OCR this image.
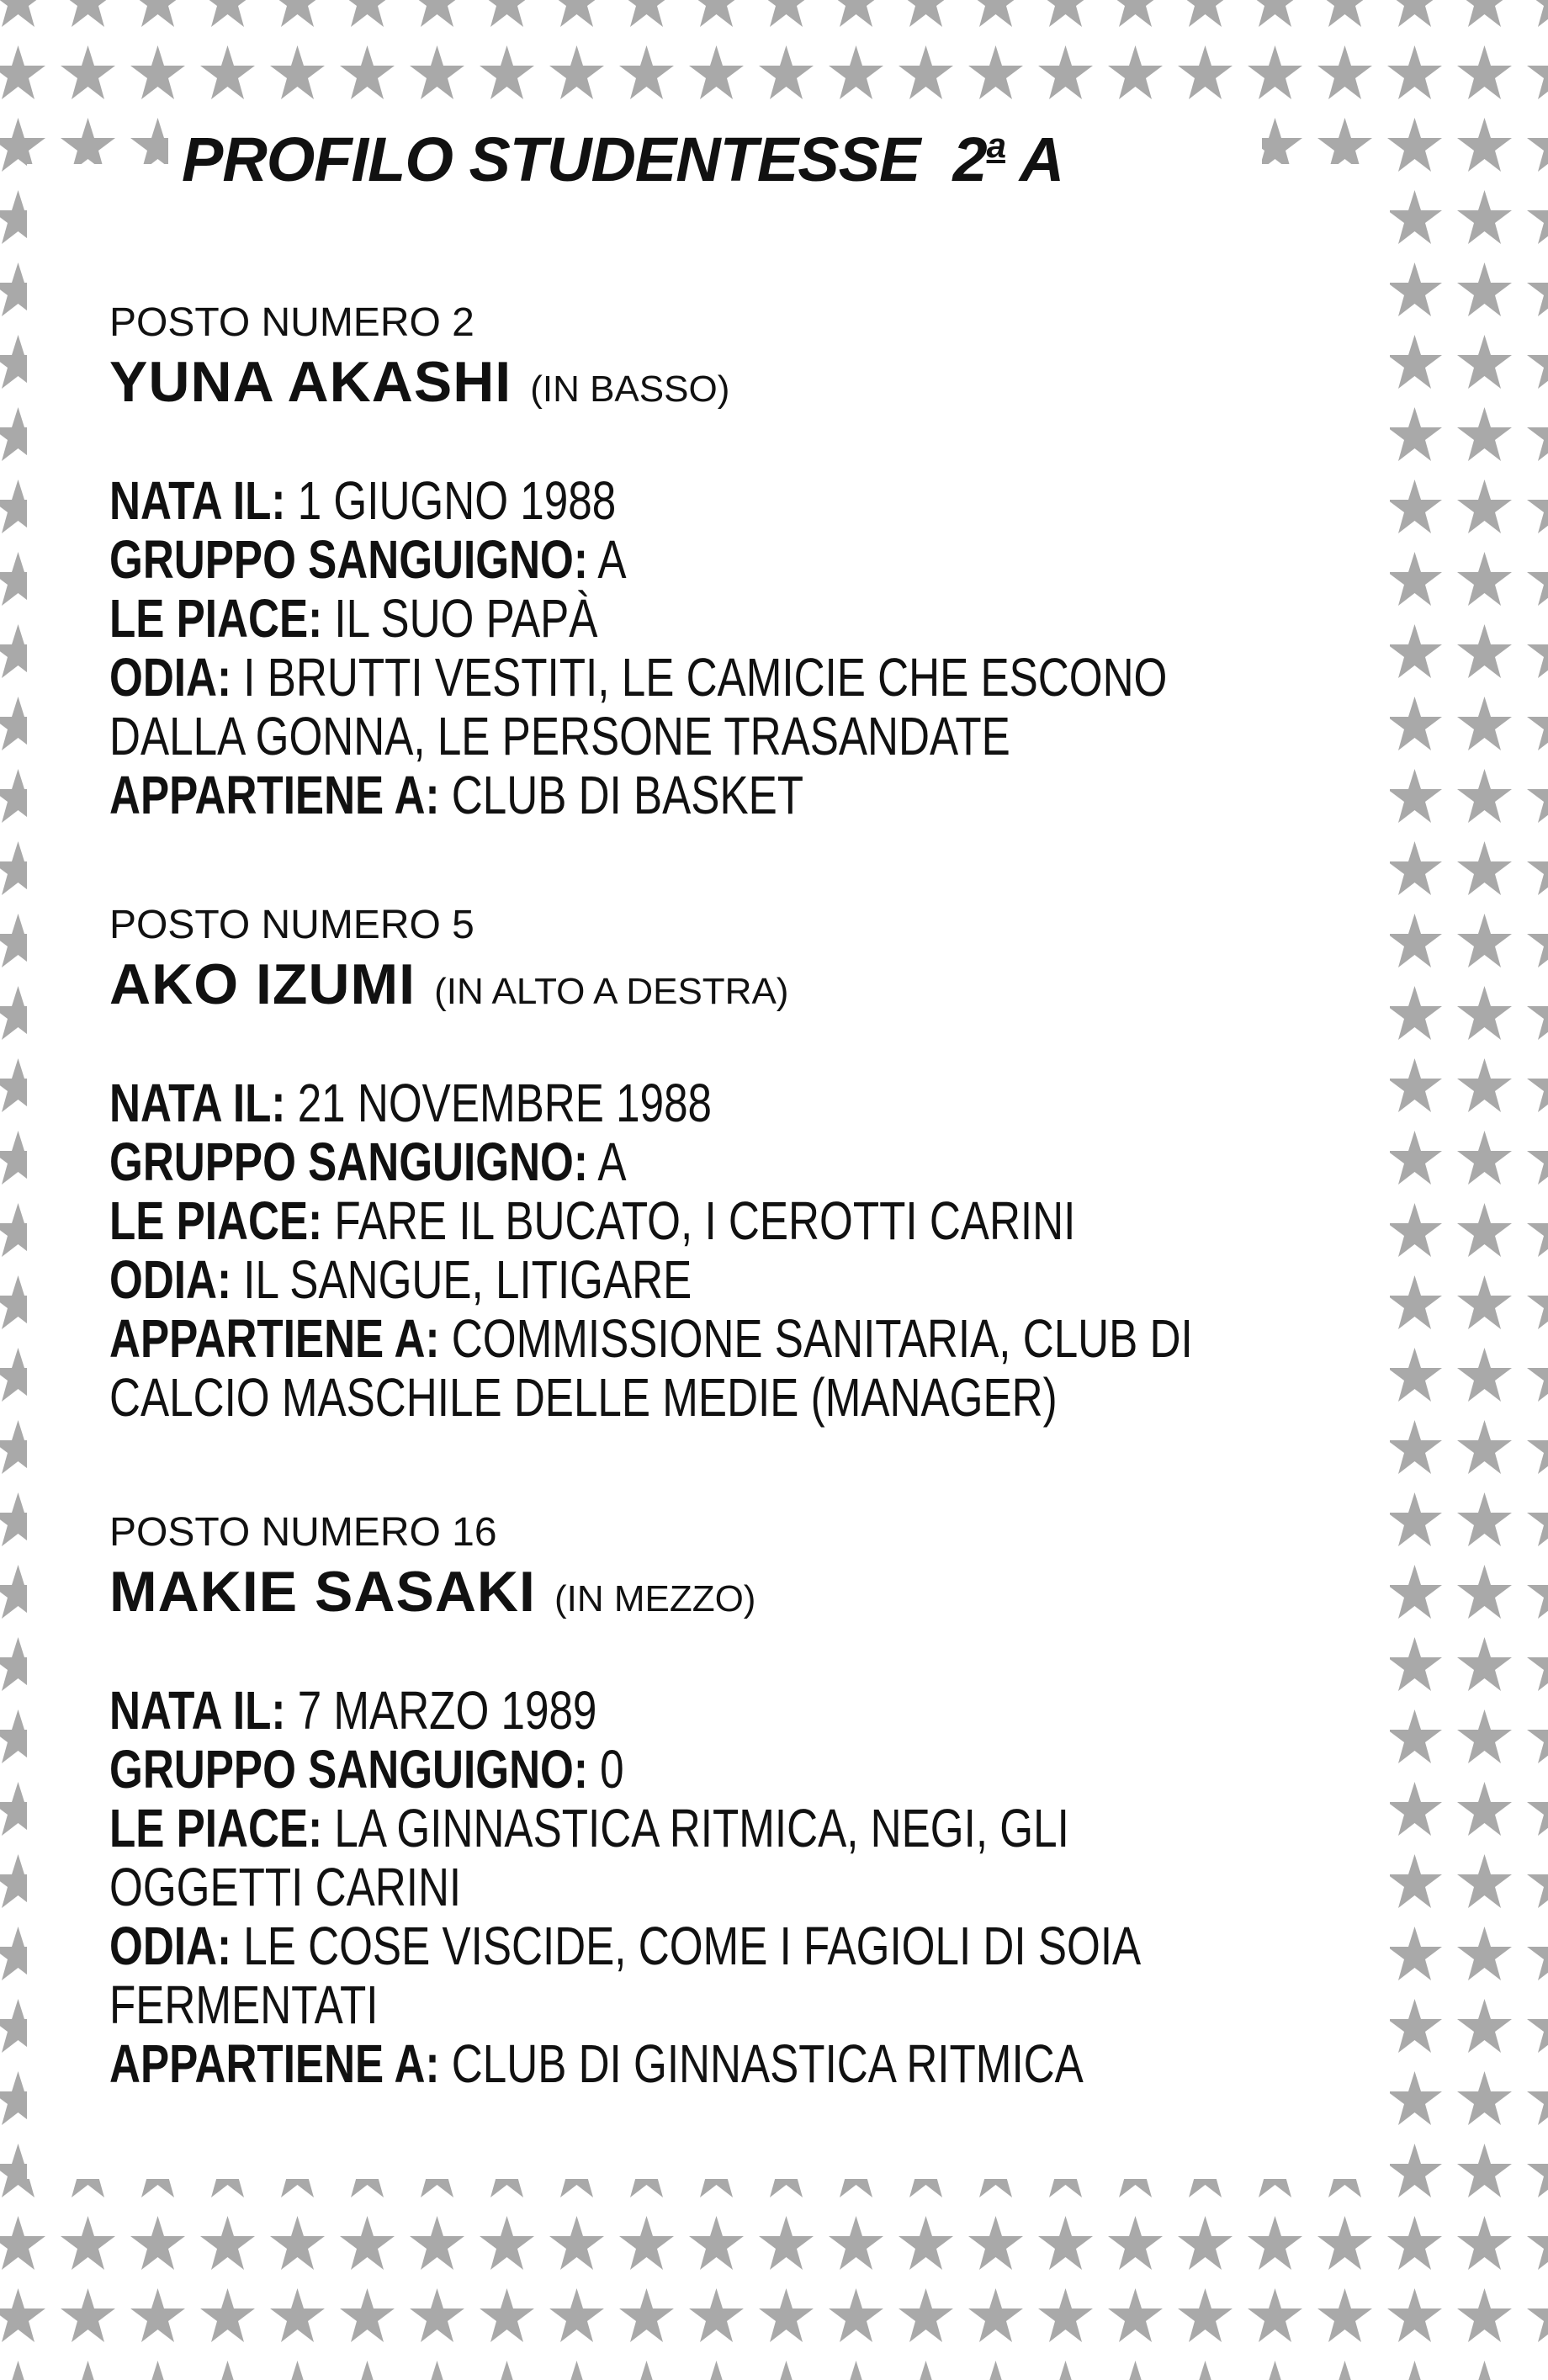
PROFILO STUDENTESSE 2$^a$ A
POSTO NUMERO 2
YUNA AKASHI (IN BASSO)
NATA IL: 1 GIUGNO 1988
GRUPPO SANGUIGNO: A
LE PIACE: IL SUO PAPÀ
ODIA: I BRUTTI VESTITI, LE CAMICIE CHE ESCONO
DALLA GONNA, LE PERSONE TRASANDATE
APPARTIENE A: CLUB DI BASKET
POSTO NUMERO 5
AKO IZUMI (IN ALTO A DESTRA)
NATA IL: 21 NOVEMBRE 1988
GRUPPO SANGUIGNO: A
LE PIACE: FARE IL BUCATO, I CEROTTI CARINI
ODIA: IL SANGUE, LITIGARE
APPARTIENE A: COMMISSIONE SANITARIA, CLUB DI
CALCIO MASCHILE DELLE MEDIE (MANAGER)
POSTO NUMERO 16
MAKIE SASAKI (IN MEZZO)
NATA IL: 7 MARZO 1989
GRUPPO SANGUIGNO: 0
LE PIACE: LA GINNASTICA RITMICA, NEGI, GLI
OGGETTI CARINI
ODIA: LE COSE VISCIDE, COME I FAGIOLI DI SOIA
FERMENTATI
APPARTIENE A: CLUB DI GINNASTICA RITMICA
